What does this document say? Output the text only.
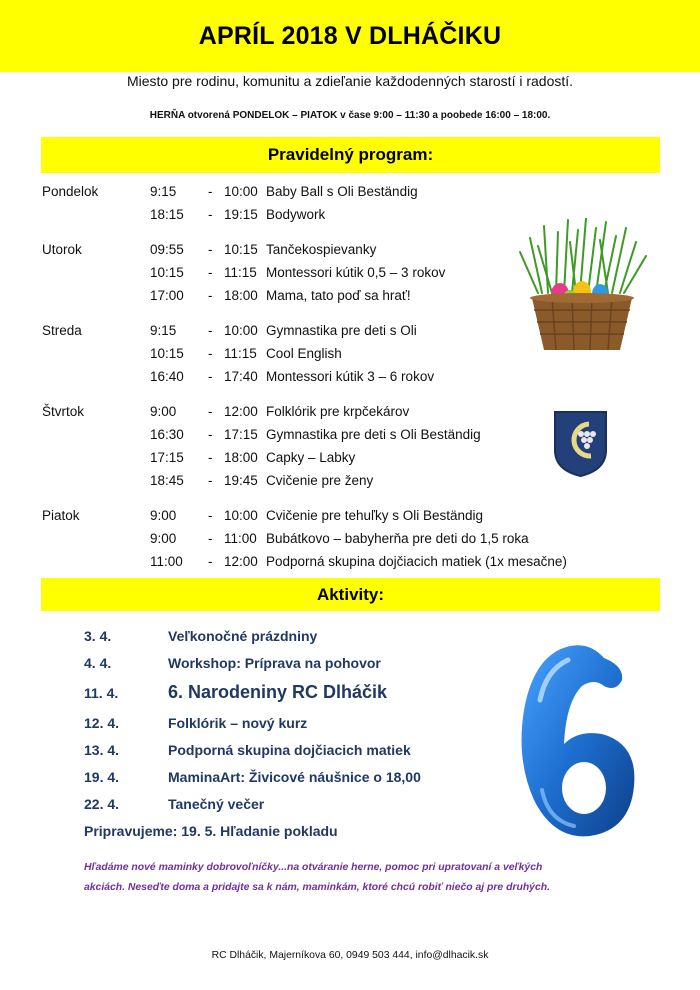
APRÍL 2018 V DLHÁČIKU
Miesto pre rodinu, komunitu a zdieľanie každodenných starostí i radostí.
HERŇA otvorená PONDELOK – PIATOK v čase 9:00 – 11:30 a poobede 16:00 – 18:00.
Pravidelný program:
Pondelok	9:15	- 10:00 Baby Ball s Oli Beständig
18:15	- 19:15 Bodywork
Utorok	09:55	- 10:15 Tančekospievanky
10:15	- 11:15 Montessori kútik 0,5 – 3 rokov
17:00	- 18:00 Mama, tato poď sa hrať!
Streda	9:15	- 10:00 Gymnastika pre deti s Oli
10:15	- 11:15 Cool English
16:40	- 17:40 Montessori kútik 3 – 6 rokov
Štvrtok	9:00	- 12:00 Folklórik pre krpčekárov
16:30	- 17:15 Gymnastika pre deti s Oli Beständig
17:15	- 18:00 Capky – Labky
18:45	- 19:45 Cvičenie pre ženy
Piatok	9:00	- 10:00 Cvičenie pre tehuľky s Oli Beständig
9:00	- 11:00 Bubátkovo – babyherňa pre deti do 1,5 roka
11:00	- 12:00 Podporná skupina dojčiacich matiek (1x mesačne)
Aktivity:
3. 4.	Veľkonočné prázdniny
4. 4.	Workshop: Príprava na pohovor
11. 4.	6. Narodeniny RC Dlháčik
12. 4.	Folklórik – nový kurz
13. 4.	Podporná skupina dojčiacich matiek
19. 4.	MaminaArt: Živicové náušnice o 18,00
22. 4.	Tanečný večer
Pripravujeme: 19. 5. Hľadanie pokladu
Hľadáme nové maminky dobrovoľníčky...na otváranie herne, pomoc pri upratovaní a veľkých
akciách. Neseďte doma a pridajte sa k nám, maminkám, ktoré chcú robiť niečo aj pre druhých.
RC Dlháčik, Majerníkova 60, 0949 503 444, info@dlhacik.sk
